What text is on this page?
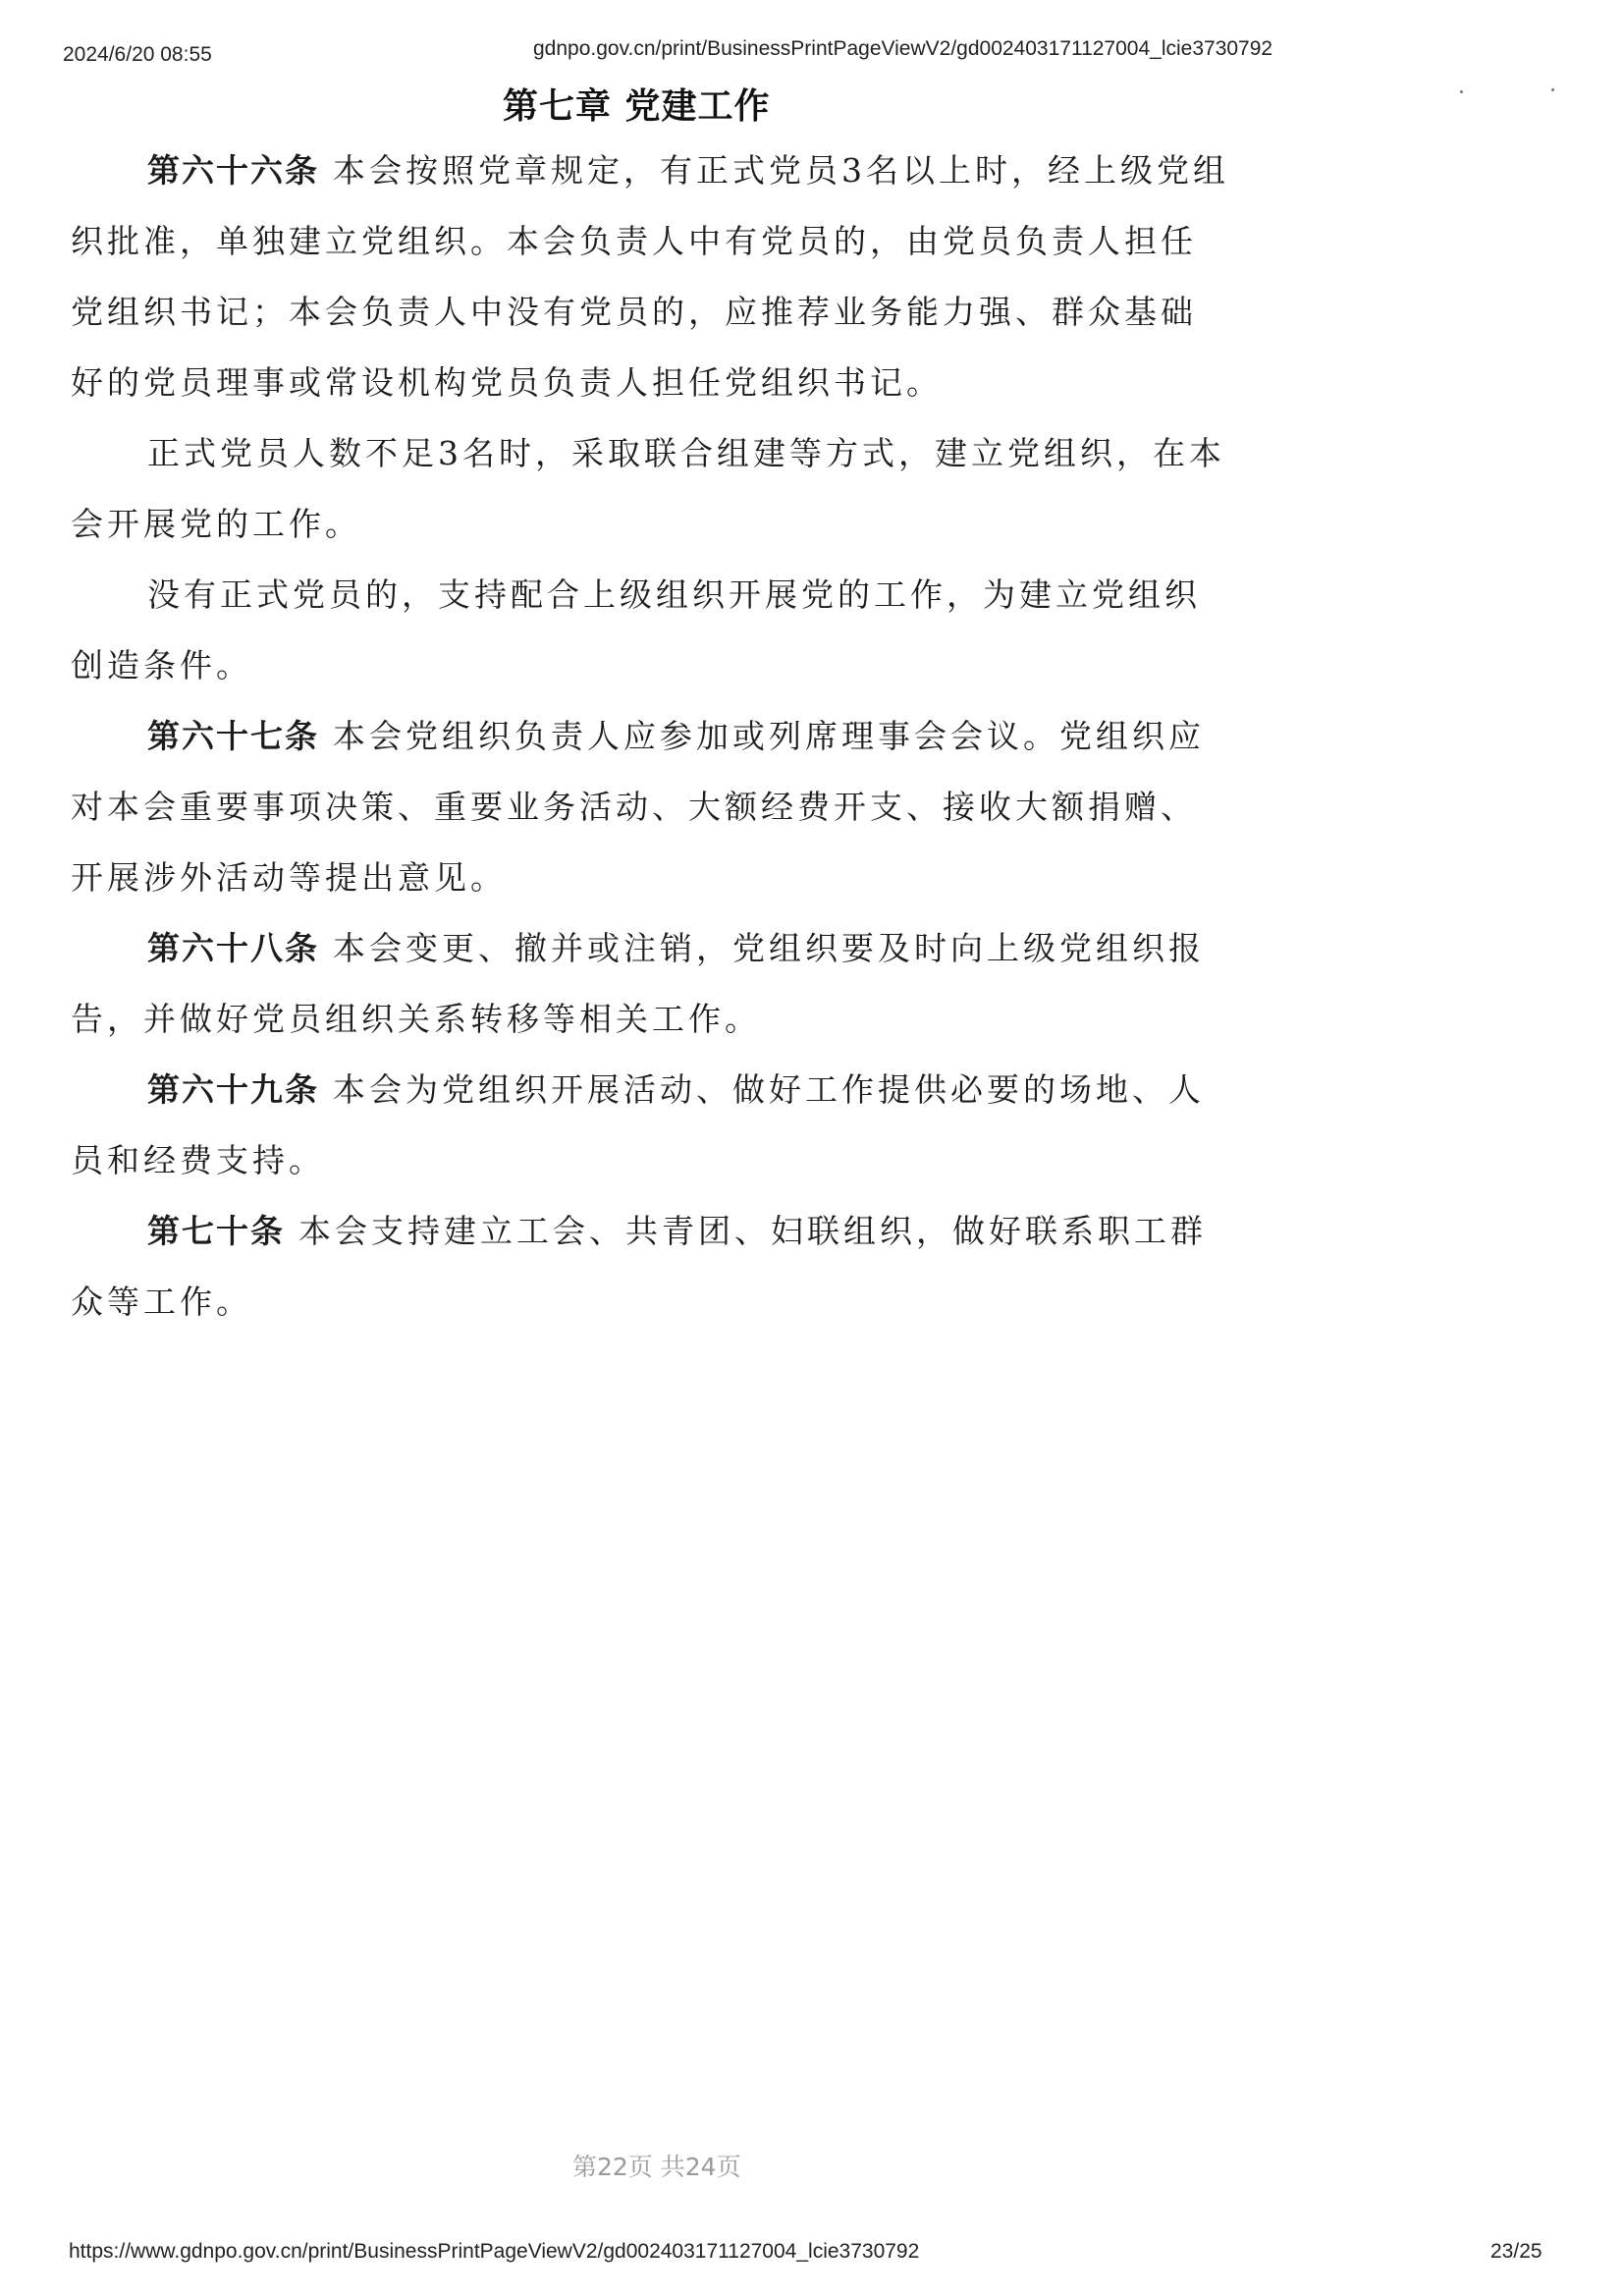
2024/6/20 08:55	gdnpo.gov.cn/print/BusinessPrintPageViewV2/gd002403171127004_lcie3730792
第七章 党建工作

第六十六条 本会按照党章规定，有正式党员3名以上时，经上级党组织批准，单独建立党组织。本会负责人中有党员的，由党员负责人担任党组织书记；本会负责人中没有党员的，应推荐业务能力强、群众基础好的党员理事或常设机构党员负责人担任党组织书记。

正式党员人数不足3名时，采取联合组建等方式，建立党组织，在本会开展党的工作。

没有正式党员的，支持配合上级组织开展党的工作，为建立党组织创造条件。

第六十七条 本会党组织负责人应参加或列席理事会会议。党组织应对本会重要事项决策、重要业务活动、大额经费开支、接收大额捐赠、开展涉外活动等提出意见。

第六十八条 本会变更、撤并或注销，党组织要及时向上级党组织报告，并做好党员组织关系转移等相关工作。

第六十九条 本会为党组织开展活动、做好工作提供必要的场地、人员和经费支持。

第七十条 本会支持建立工会、共青团、妇联组织，做好联系职工群众等工作。

第22页 共24页
https://www.gdnpo.gov.cn/print/BusinessPrintPageViewV2/gd002403171127004_lcie3730792	23/25
